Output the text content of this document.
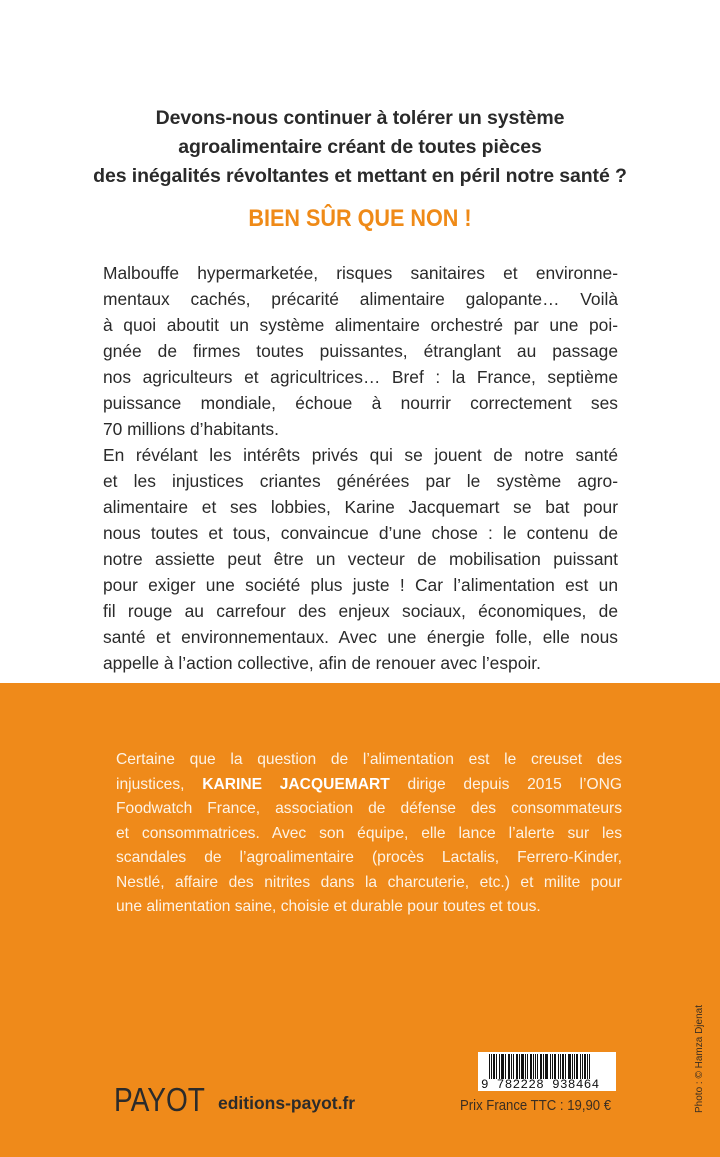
Devons-nous continuer à tolérer un système
agroalimentaire créant de toutes pièces
des inégalités révoltantes et mettant en péril notre santé ?
BIEN SÛR QUE NON !
Malbouffe hypermarketée, risques sanitaires et environne-
mentaux cachés, précarité alimentaire galopante… Voilà
à quoi aboutit un système alimentaire orchestré par une poi-
gnée de firmes toutes puissantes, étranglant au passage
nos agriculteurs et agricultrices… Bref : la France, septième
puissance mondiale, échoue à nourrir correctement ses
70 millions d’habitants.
En révélant les intérêts privés qui se jouent de notre santé
et les injustices criantes générées par le système agro-
alimentaire et ses lobbies, Karine Jacquemart se bat pour
nous toutes et tous, convaincue d’une chose : le contenu de
notre assiette peut être un vecteur de mobilisation puissant
pour exiger une société plus juste ! Car l’alimentation est un
fil rouge au carrefour des enjeux sociaux, économiques, de
santé et environnementaux. Avec une énergie folle, elle nous
appelle à l’action collective, afin de renouer avec l’espoir.
Certaine que la question de l’alimentation est le creuset des
injustices, KARINE JACQUEMART dirige depuis 2015 l’ONG
Foodwatch France, association de défense des consommateurs
et consommatrices. Avec son équipe, elle lance l’alerte sur les
scandales de l’agroalimentaire (procès Lactalis, Ferrero-Kinder,
Nestlé, affaire des nitrites dans la charcuterie, etc.) et milite pour
une alimentation saine, choisie et durable pour toutes et tous.
PAYOT editions-payot.fr
9 782228 938464
Prix France TTC : 19,90 €	Photo : © Hamza Djenat
